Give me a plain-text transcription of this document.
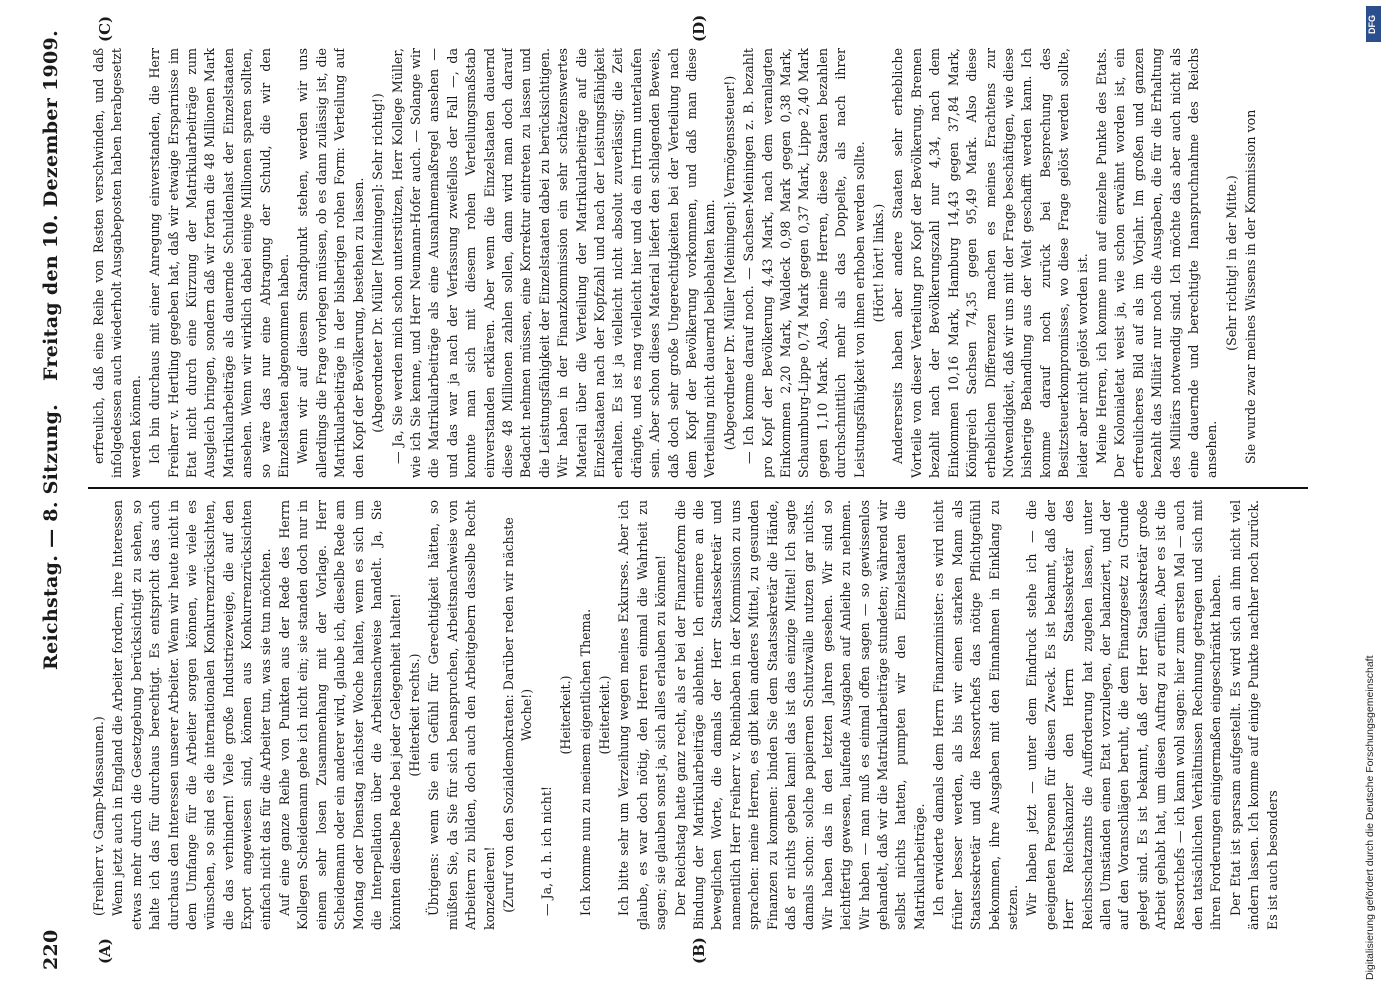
220
Reichstag. — 8. Sitzung.
Freitag den 10. Dezember 1909.
(A)	(B)
(C)	(D)

(Freiherr v. Gamp-Massaunen.) Wenn jetzt auch in England die Arbeiter fordern, ihre Interessen etwas mehr durch die Gesetzgebung berücksichtigt zu sehen, so halte ich das für durchaus berechtigt. Es entspricht das auch durchaus den Interessen unserer Arbeiter. Wenn wir heute nicht in dem Umfange für die Arbeiter sorgen können, wie viele es wünschen, so sind es die internationalen Konkurrenzrücksichten, die das verhindern! Viele große Industriezweige, die auf den Export angewiesen sind, können aus Konkurrenzrücksichten einfach nicht das für die Arbeiter tun, was sie tun möchten. Auf eine ganze Reihe von Punkten aus der Rede des Herrn Kollegen Scheidemann gehe ich nicht ein; sie standen doch nur in einem sehr losen Zusammenhang mit der Vorlage. Herr Scheidemann oder ein anderer wird, glaube ich, dieselbe Rede am Montag oder Dienstag nächster Woche halten, wenn es sich um die Interpellation über die Arbeitsnachweise handelt. Ja, Sie könnten dieselbe Rede bei jeder Gelegenheit halten! (Heiterkeit rechts.) Übrigens: wenn Sie ein Gefühl für Gerechtigkeit hätten, so müßten Sie, da Sie für sich beanspruchen, Arbeitsnachweise von Arbeitern zu bilden, doch auch den Arbeitgebern dasselbe Recht konzedieren! (Zuruf von den Sozialdemokraten: Darüber reden wir nächste Woche!)

— Ja, d. h. ich nicht!

(Heiterkeit.) Ich komme nun zu meinem eigentlichen Thema. (Heiterkeit.) Ich bitte sehr um Verzeihung wegen meines Exkurses. Aber ich glaube, es war doch nötig, den Herren einmal die Wahrheit zu sagen; sie glauben sonst ja, sich alles erlauben zu können! Der Reichstag hatte ganz recht, als er bei der Finanzreform die Bindung der Matrikularbeiträge ablehnte. Ich erinnere an die beweglichen Worte, die damals der Herr Staatssekretär und namentlich Herr Freiherr v. Rheinbaben in der Kommission zu uns sprachen: meine Herren, es gibt kein anderes Mittel, zu gesunden Finanzen zu kommen: binden Sie dem Staatssekretär die Hände, daß er nichts geben kann! das ist das einzige Mittel! Ich sagte damals schon: solche papiernen Schutzwälle nutzen gar nichts. Wir haben das in den letzten Jahren gesehen. Wir sind so leichtfertig gewesen, laufende Ausgaben auf Anleihe zu nehmen. Wir haben — man muß es einmal offen sagen — so gewissenlos gehandelt, daß wir die Matrikularbeiträge stundeten; während wir selbst nichts hatten, pumpten wir den Einzelstaaten die Matrikularbeiträge. Ich erwiderte damals dem Herrn Finanzminister: es wird nicht früher besser werden, als bis wir einen starken Mann als Staatssekretär und die Ressortchefs das nötige Pflichtgefühl bekommen, ihre Ausgaben mit den Einnahmen in Einklang zu setzen. Wir haben jetzt — unter dem Eindruck stehe ich — die geeigneten Personen für diesen Zweck. Es ist bekannt, daß der Herr Reichskanzler den Herrn Staatssekretär des Reichsschatzamts die Aufforderung hat zugehen lassen, unter allen Umständen einen Etat vorzulegen, der balanziert, und der auf den Voranschlägen beruht, die dem Finanzgesetz zu Grunde gelegt sind. Es ist bekannt, daß der Herr Staatssekretär große Arbeit gehabt hat, um diesen Auftrag zu erfüllen. Aber es ist die Ressortchefs — ich kann wohl sagen: hier zum ersten Mal — auch den tatsächlichen Verhältnissen Rechnung getragen und sich mit ihren Forderungen einigermaßen eingeschränkt haben. Der Etat ist sparsam aufgestellt. Es wird sich an ihm nicht viel ändern lassen. Ich komme auf einige Punkte nachher noch zurück. Es ist auch besonders

erfreulich, daß eine Reihe von Resten verschwinden, und daß infolgedessen auch wiederholt Ausgabeposten haben herabgesetzt werden können. Ich bin durchaus mit einer Anregung einverstanden, die Herr Freiherr v. Hertling gegeben hat, daß wir etwaige Ersparnisse im Etat nicht durch eine Kürzung der Matrikularbeiträge zum Ausgleich bringen, sondern daß wir fortan die 48 Millionen Mark Matrikularbeiträge als dauernde Schuldenlast der Einzelstaaten ansehen. Wenn wir wirklich dabei einige Millionen sparen sollten, so wäre das nur eine Abtragung der Schuld, die wir den Einzelstaaten abgenommen haben. Wenn wir auf diesem Standpunkt stehen, werden wir uns allerdings die Frage vorlegen müssen, ob es dann zulässig ist, die Matrikularbeiträge in der bisherigen rohen Form: Verteilung auf den Kopf der Bevölkerung, bestehen zu lassen. (Abgeordneter Dr. Müller [Meiningen]: Sehr richtig!) — Ja, Sie werden mich schon unterstützen, Herr Kollege Müller, wie ich Sie kenne, und Herr Neumann-Hofer auch. — Solange wir die Matrikularbeiträge als eine Ausnahmemaßregel ansehen — und das war ja nach der Verfassung zweifellos der Fall —, da konnte man sich mit diesem rohen Verteilungsmaßstab einverstanden erklären. Aber wenn die Einzelstaaten dauernd diese 48 Millionen zahlen sollen, dann wird man doch darauf Bedacht nehmen müssen, eine Korrektur eintreten zu lassen und die Leistungsfähigkeit der Einzelstaaten dabei zu berücksichtigen. Wir haben in der Finanzkommission ein sehr schätzenswertes Material über die Verteilung der Matrikularbeiträge auf die Einzelstaaten nach der Kopfzahl und nach der Leistungsfähigkeit erhalten. Es ist ja vielleicht nicht absolut zuverlässig; die Zeit drängte, und es mag vielleicht hier und da ein Irrtum unterlaufen sein. Aber schon dieses Material liefert den schlagenden Beweis, daß doch sehr große Ungerechtigkeiten bei der Verteilung nach dem Kopf der Bevölkerung vorkommen, und daß man diese Verteilung nicht dauernd beibehalten kann. (Abgeordneter Dr. Müller [Meiningen]: Vermögenssteuer!) — Ich komme darauf noch. — Sachsen-Meiningen z. B. bezahlt pro Kopf der Bevölkerung 4,43 Mark, nach dem veranlagten Einkommen 2,20 Mark, Waldeck 0,98 Mark gegen 0,38 Mark, Schaumburg-Lippe 0,74 Mark gegen 0,37 Mark, Lippe 2,40 Mark gegen 1,10 Mark. Also, meine Herren, diese Staaten bezahlen durchschnittlich mehr als das Doppelte, als nach ihrer Leistungsfähigkeit von ihnen erhoben werden sollte. (Hört! hört! links.) Andererseits haben aber andere Staaten sehr erhebliche Vorteile von dieser Verteilung pro Kopf der Bevölkerung. Bremen bezahlt nach der Bevölkerungszahl nur 4,34, nach dem Einkommen 10,16 Mark, Hamburg 14,43 gegen 37,84 Mark, Königreich Sachsen 74,35 gegen 95,49 Mark. Also diese erheblichen Differenzen machen es meines Erachtens zur Notwendigkeit, daß wir uns mit der Frage beschäftigen, wie diese bisherige Behandlung aus der Welt geschafft werden kann. Ich komme darauf noch zurück bei Besprechung des Besitzsteuerkompromisses, wo diese Frage gelöst werden sollte, leider aber nicht gelöst worden ist. Meine Herren, ich komme nun auf einzelne Punkte des Etats. Der Kolonialetat weist ja, wie schon erwähnt worden ist, ein erfreulicheres Bild auf als im Vorjahr. Im großen und ganzen bezahlt das Militär nur noch die Ausgaben, die für die Erhaltung des Militärs notwendig sind. Ich möchte das aber auch nicht als eine dauernde und berechtigte Inanspruchnahme des Reichs ansehen.

(Sehr richtig! in der Mitte.) Sie wurde zwar meines Wissens in der Kommission von

DFG
Digitalisierung gefördert durch die Deutsche Forschungsgemeinschaft
